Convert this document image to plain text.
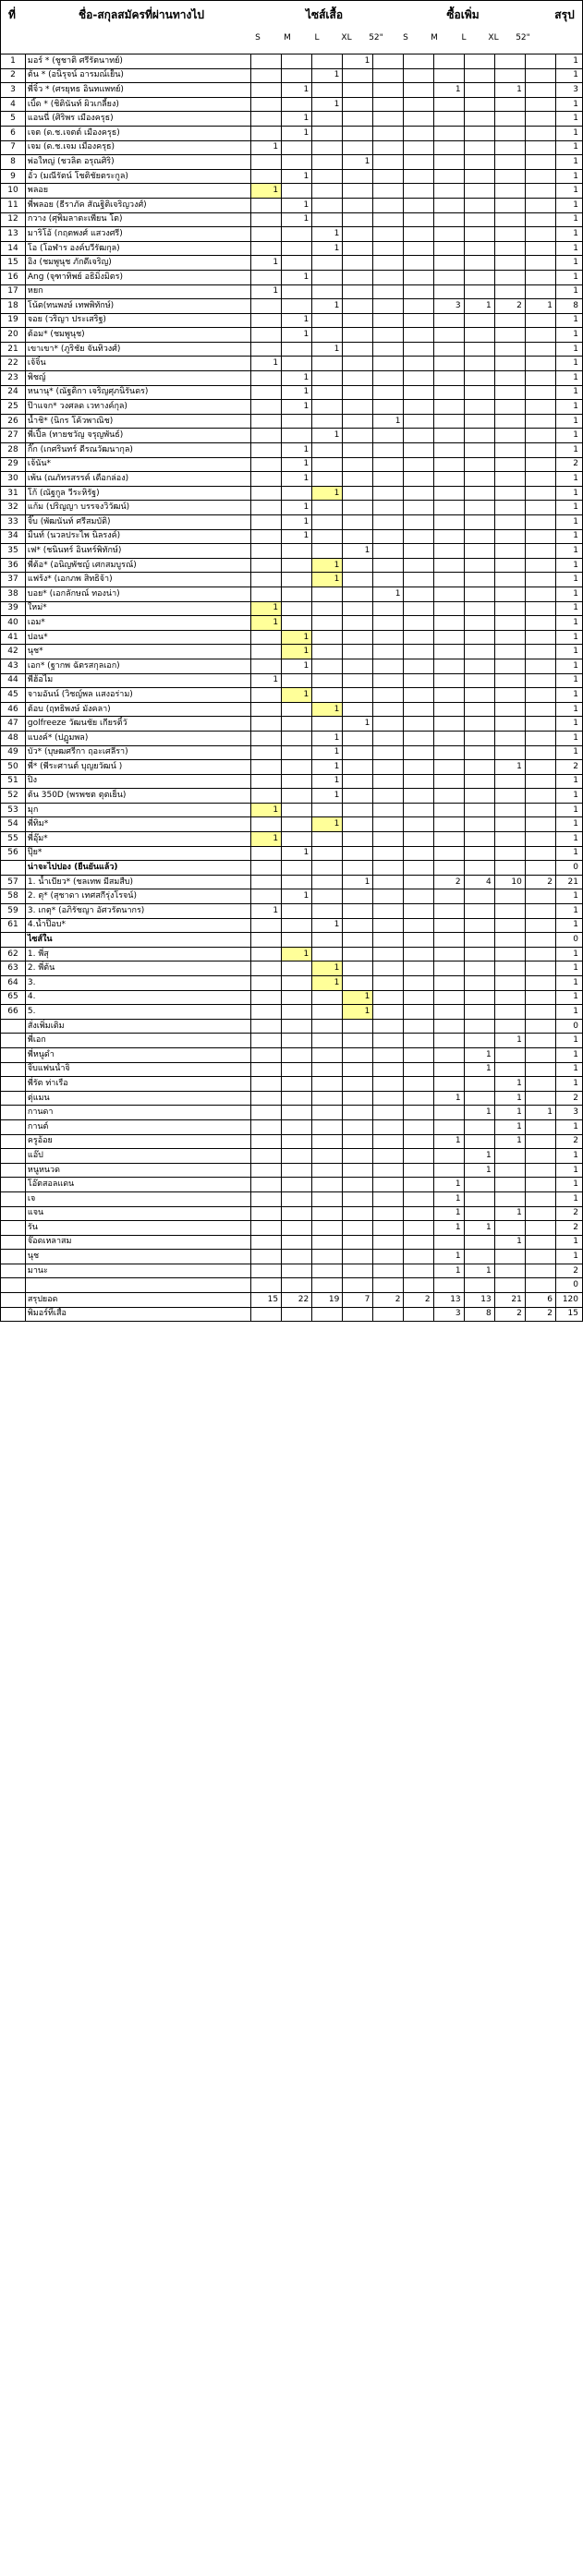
ที่	ชื่อ-สกุลสมัครที่ผ่านทางไป	ไซส์เสื้อ	ซื้อเพิ่ม	สรุป
S	M	L	XL	52"	S	M	L	XL	52"
1	มอร์ * (ชูชาติ ศรีรัตนาทย์)				1							1
2	ต้น * (อนิรุจน์ อารมณ์เย็น)			1								1
3	พี่จิ๋ว * (ศรยุทธ อินทแพทย์)		1					1		1		3
4	เบิ้ด * (ชิตินันท์ ผิวเกลี้ยง)			1								1
5	แอนนี่ (ศิริพร เมืองครุธ)		1									1
6	เจต (ด.ช.เจตต์ เมืองครุธ)		1									1
7	เจม (ด.ช.เจม เมืองครุธ)	1										1
8	พ่อใหญ่ (ชวลิต อรุณศิริ)				1							1
9	อั๋ว (มณีรัตน์ โชติชัยตระกูล)		1									1
10	พลอย	1										1
11	พี่พลอย (ธีราภัค สัณฐิติเจริญวงศ์)		1									1
12	กวาง (ศุพิมลาตะเพียน โต)		1									1
13	มาริโอ้ (กฤตพงศ์ แสวงศรี)			1								1
14	โอ (โอฬาร องค์บวีรัฒกุล)			1								1
15	อิง (ชมพูนุช ภักดีเจริญ)	1										1
16	Ang (จุฑาทิพย์ อธิมิ่งมิตร)		1									1
17	หยก	1										1
18	โน้ต(ทนพงษ์ เทพพิทักษ์)			1				3	1	2	1	8
19	จอย (วริญา ประเสริฐ)		1									1
20	ต้อม* (ชมพูนุช)		1									1
21	เขาเขา* (ภูริชัย จันทิวงศ์)			1								1
22	เจ้จิ๋น	1										1
23	พิชญ์		1									1
24	หนานุ* (ณัฐติกา เจริญศุภนิรันดร)		1									1
25	ป๊าแจก* วงศลด เวทางค์กุล)		1									1
26	น้ำชิ* (นิกร โค้วพาณิช)					1						1
27	พี่เปิ้ล (ทายชวัญ จรุญพันธ์)			1								1
28	กิ๊ก (เกศรินทร์ ดีรณวัฒนากุล)		1									1
29	เจ้นัน*		1									2
30	เพ้น (ณภัทรสรรค์ เดือกล่อง)		1									1
31	โก้ (ณัฐกูล วีระหิรัฐ)			1								1
32	แก้ม (ปริญญา บรรจงวิวัฒน์)		1									1
33	จิ๊บ (พัฒนันท์ ศรีสมบัติ)		1									1
34	มิ้นท์ (นวลประไพ นิลรงค์)		1									1
35	เฟ* (ชนินทร์ อินทร์พิทักษ์)				1							1
36	พี่ต้อ* (อนิญพัชญ์ เศกสมบูรณ์)			1								1
37	แฟร้ง* (เอกภพ สิทธิจ้า)			1								1
38	บอย* (เอกลักษณ์ ทองน่า)					1						1
39	ใหม่*	1										1
40	เอม*	1										1
41	ปอน*		1									1
42	นุช*		1									1
43	เอก* (ฐากพ ฉัตรสกุลเอก)		1									1
44	พี่ฮ้อไม	1										1
45	จามอันน์ (วิชญ์พล แสงอร่าม)		1									1
46	ต้อบ (ฤทธิพงษ์ มังคลา)			1								1
47	golfreeze วัฒนชัย เกียรติ์วั				1							1
48	แบงค์* (ปฏูมพล)			1								1
49	บัว* (บุษฒศรีกา ฤอะเศลีรา)			1								1
50	พี่* (พีระศานต์ บุญยวัฒน์ )			1						1		2
51	ปิง			1								1
52	ต้น 350D (พรพชต ตุตเย็น)			1								1
53	มุก	1										1
54	พี่ทิม*			1								1
55	พี่อุ๊ม*	1										1
56	ปุ๊ย*		1									1
	น่าจะไปปอง (ยืนยันแล้ว)											0
57	1. น้ำเบียว* (ชลเทพ มีสมสืบ)				1			2	4	10	2	21
58	2. ตุ* (สุชาดา เทศสกีรุ่งโรจน์)		1									1
59	3. เกตุ* (อภิรัชญา อัศวรัตนากร)	1										1
61	4.น้ำป๊อบ*			1								1
	ไซส์ใน											0
62	1. พี่สุ		1									1
63	2. พี่ต้น			1								1
64	3.			1								1
65	4.				1							1
66	5.				1							1
	สั่งเพิ่มเติม											0
	พี่เอก									1		1
	พี่หนูดำ								1			1
	จิ๊บแฟนน้ำจิ								1			1
	พี่รัต ท่าเรือ									1		1
	ตุ่แมน							1		1		2
	กานดา								1	1	1	3
	กานต์									1		1
	ครูอ้อย							1		1		2
	แอ๊ป								1			1
	หนูหนวด								1			1
	โอ๊ตสอลแดน							1				1
	เจ							1				1
	แจน							1		1		2
	รัน							1	1			2
	จ๊อดเหลาสม									1		1
	นุช							1				1
	มานะ							1	1			2
												0
	สรุปยอด	15	22	19	7	2	2	13	13	21	6	120
	พิมอร์ทิ์เสื้อ							3	8	2	2	15
